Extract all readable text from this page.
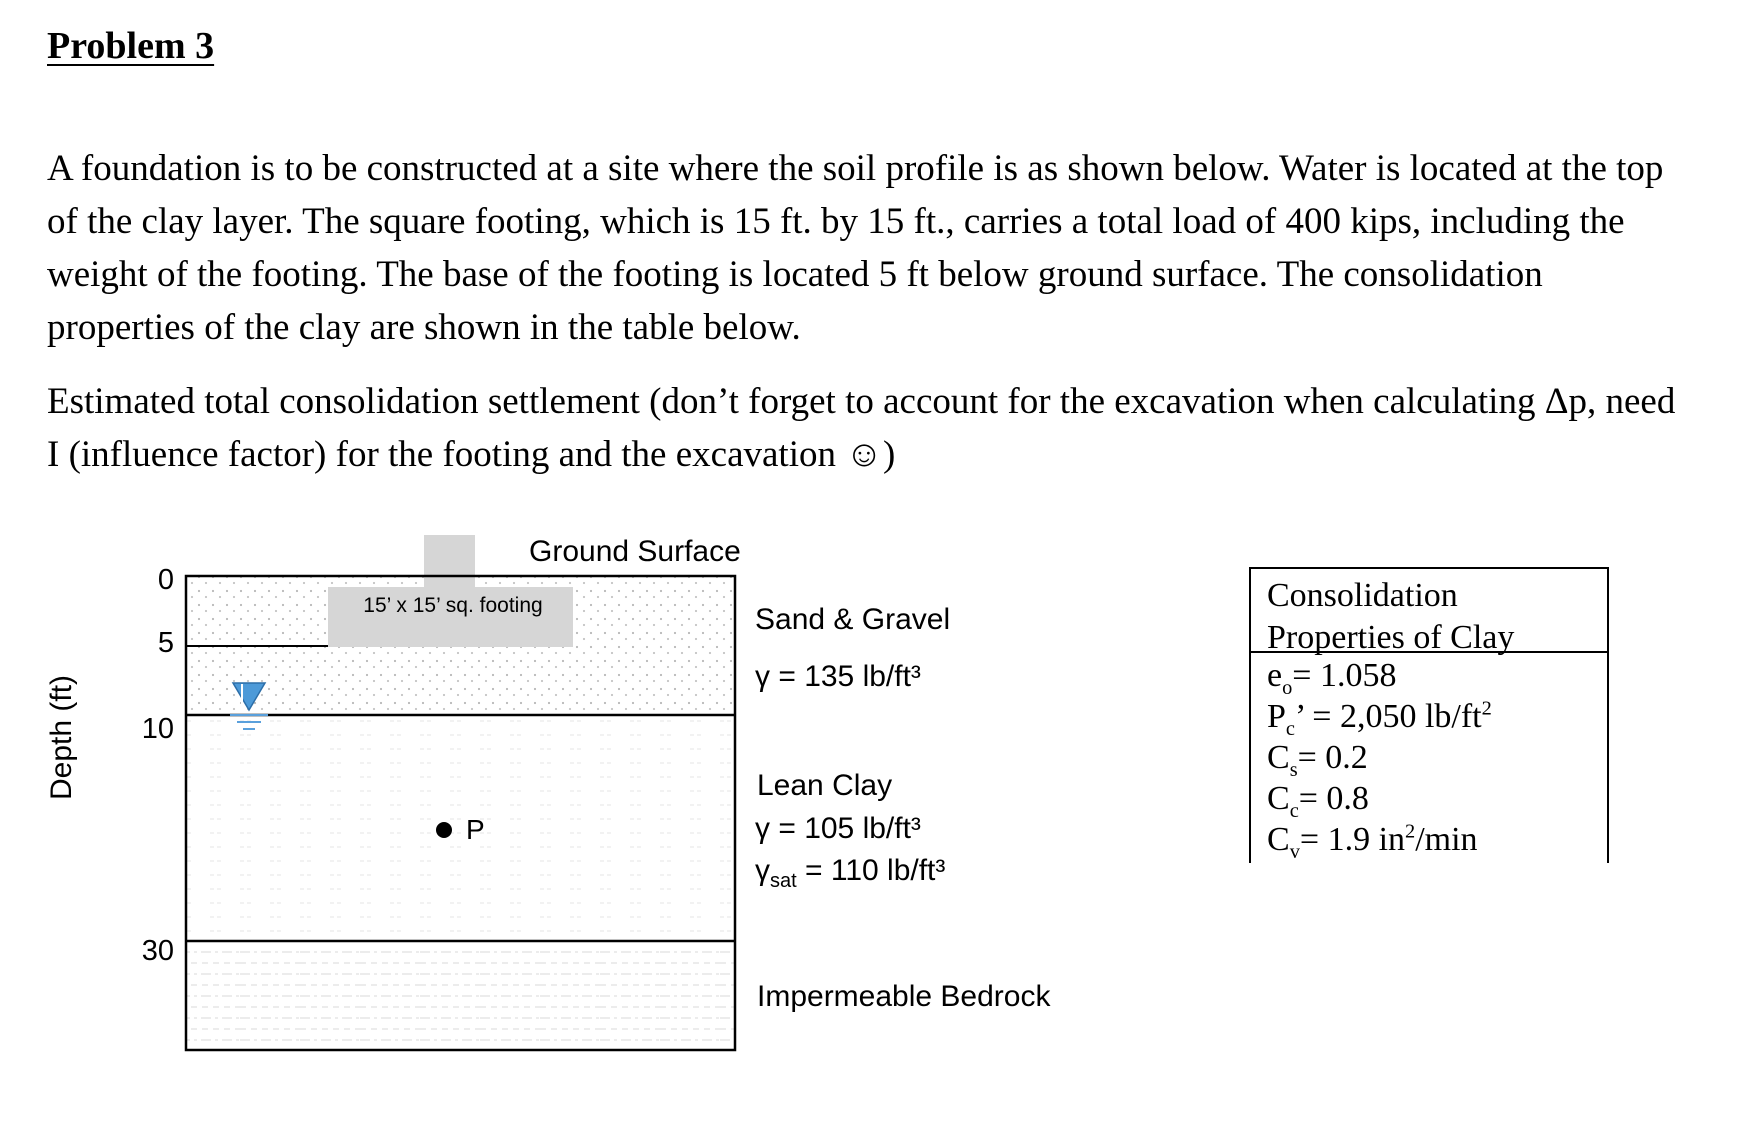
Problem 3

A foundation is to be constructed at a site where the soil profile is as shown below. Water is located at the top of the clay layer. The square footing, which is 15 ft. by 15 ft., carries a total load of 400 kips, including the weight of the footing. The base of the footing is located 5 ft below ground surface. The consolidation properties of the clay are shown in the table below.

Estimated total consolidation settlement (don’t forget to account for the excavation when calculating Δp, need I (influence factor) for the footing and the excavation ☺)

Ground Surface
15’ x 15’ sq. footing
P
0
5
10
30
Depth (ft)
Sand & Gravel
γ = 135 lb/ft³
Lean Clay
γ = 105 lb/ft³
$\gamma_{sat} = 110$ lb/ft³
Impermeable Bedrock
Consolidation
Properties of Clay
$e_o= 1.058$
$P_c$’ = 2,050 $lb/ft^2$
$C_s= 0.2$
$C_c= 0.8$
$C_v= 1.9$ $in^2/\min$
